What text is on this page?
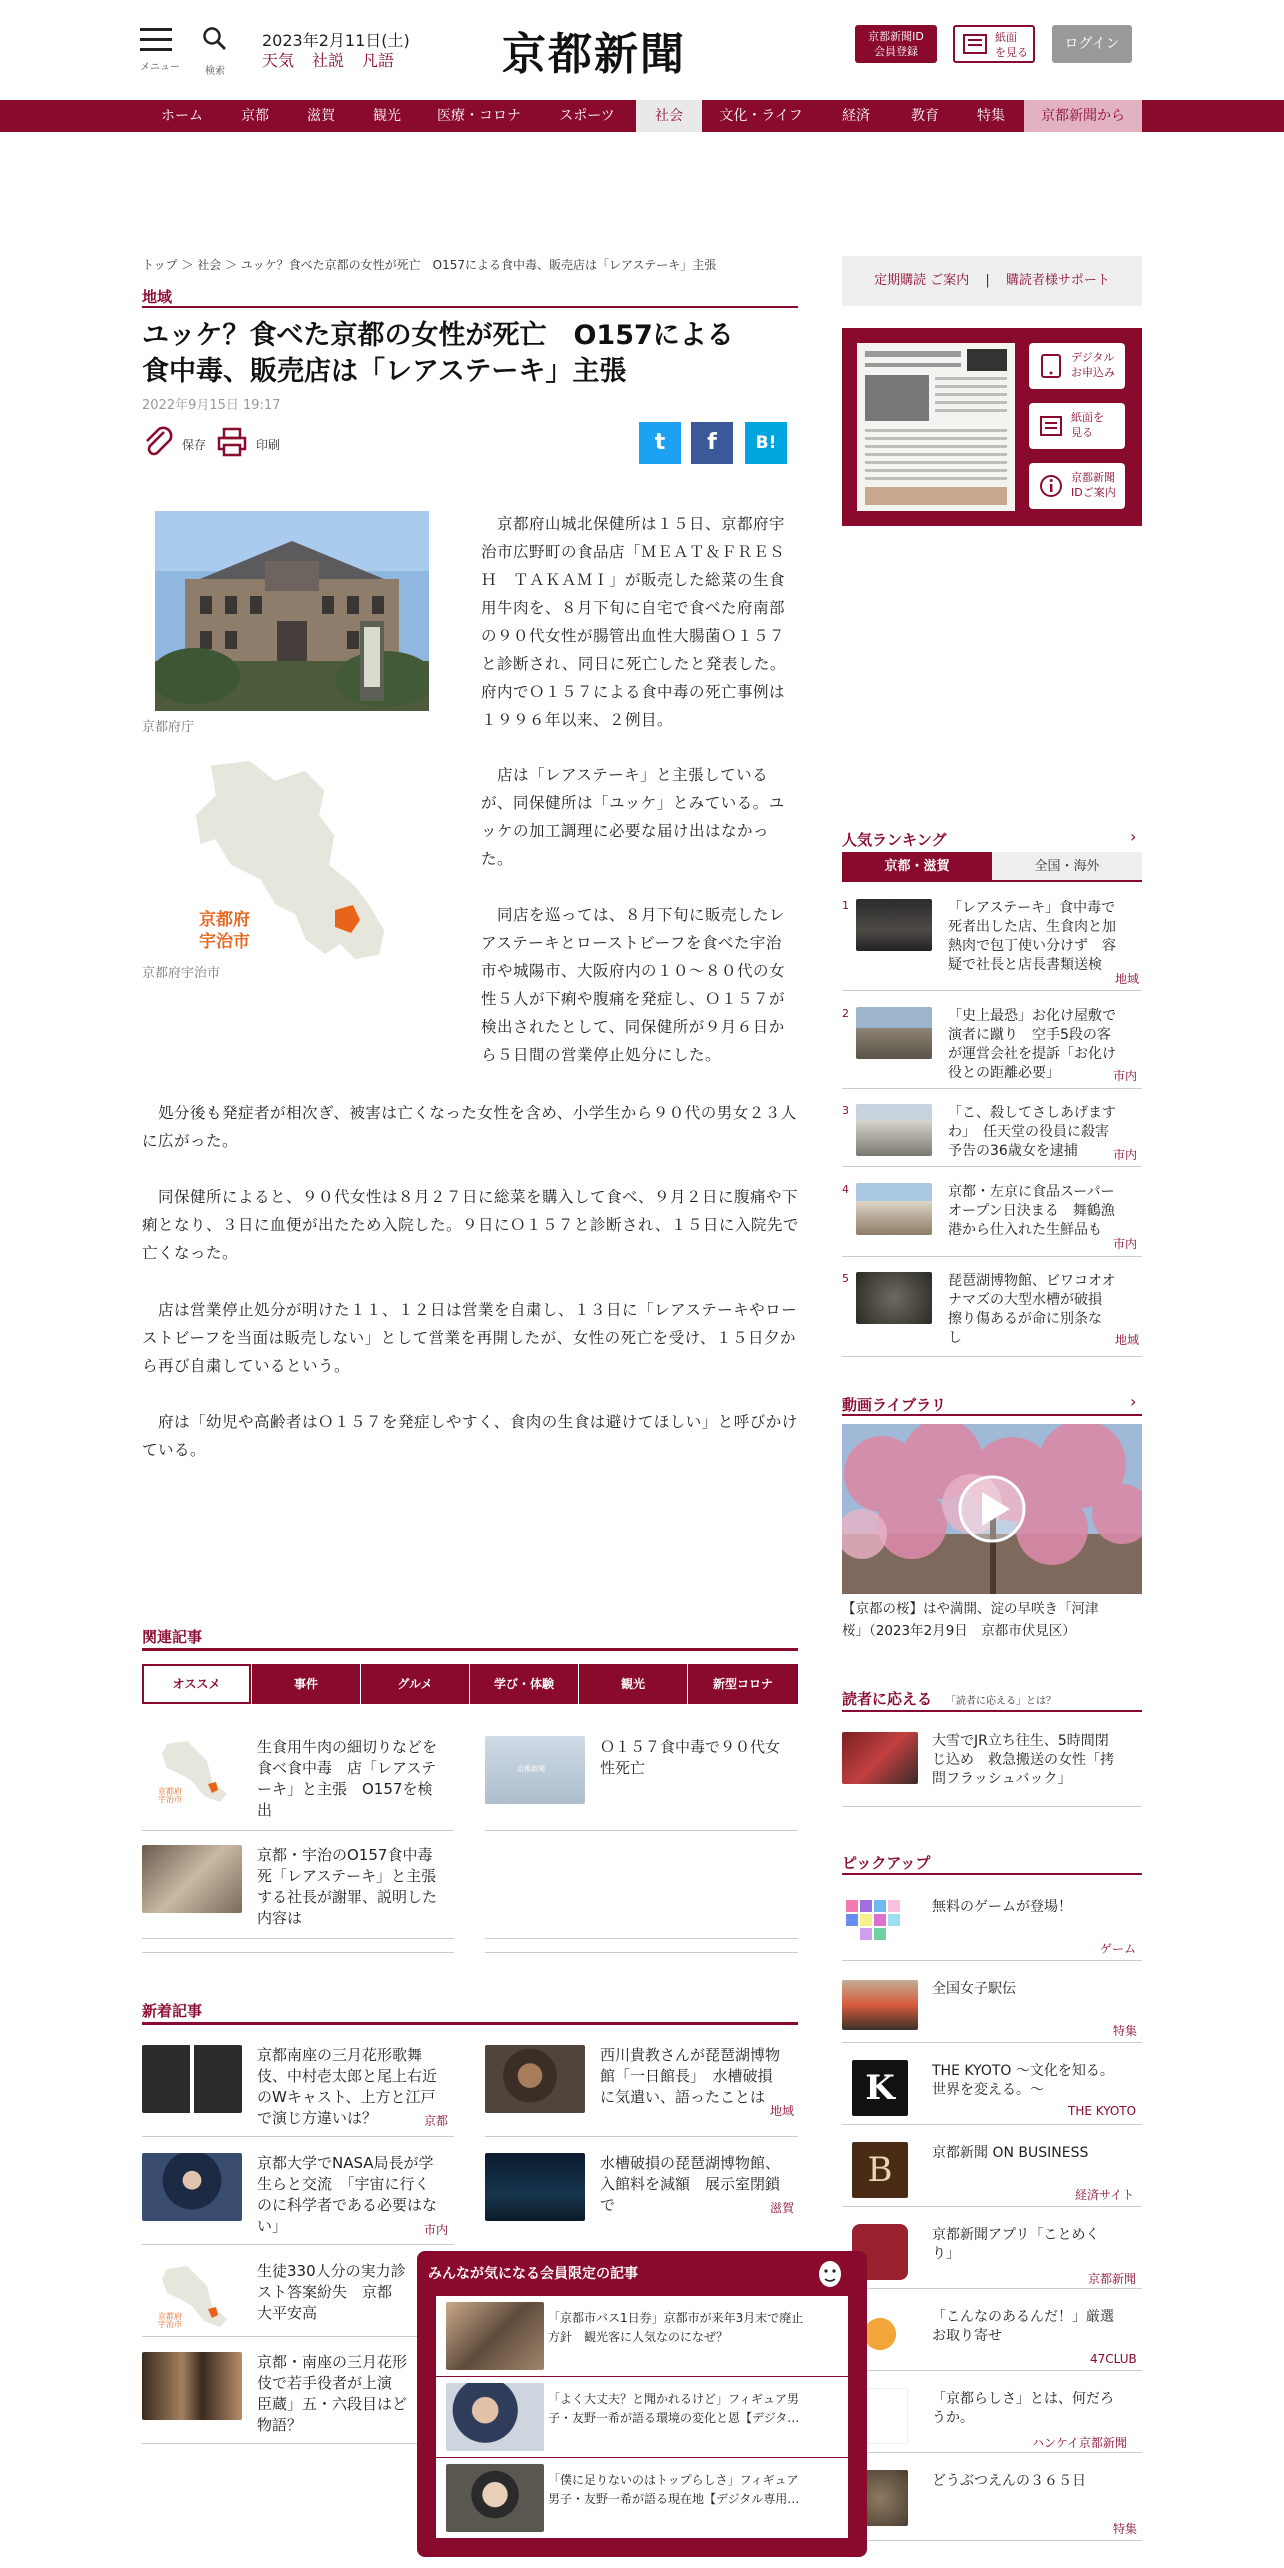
メニュー	検索
2023年2月11日(土)
天気 社説 凡語	京都新聞	京都新聞ID
会員登録
紙面
を見る
ログイン
ホーム	京都	滋賀	観光	医療・コロナ	スポーツ	社会	文化・ライフ	経済	教育	特集	京都新聞から
トップ ＞ 社会 ＞ ユッケ？食べた京都の女性が死亡　O157による食中毒、販売店は「レアステーキ」主張
地域
ユッケ？食べた京都の女性が死亡　O157による
食中毒、販売店は「レアステーキ」主張
2022年9月15日 19:17
保存	印刷	t	f	B!
京都府庁
京都府
宇治市
京都府宇治市
　京都府山城北保健所は１５日、京都府宇
治市広野町の食品店「ＭＥＡＴ＆ＦＲＥＳ
Ｈ　ＴＡＫＡＭＩ」が販売した総菜の生食
用牛肉を、８月下旬に自宅で食べた府南部
の９０代女性が腸管出血性大腸菌Ｏ１５７
と診断され、同日に死亡したと発表した。
府内でＯ１５７による食中毒の死亡事例は
１９９６年以来、２例目。
　店は「レアステーキ」と主張している
が、同保健所は「ユッケ」とみている。ユ
ッケの加工調理に必要な届け出はなかっ
た。
　同店を巡っては、８月下旬に販売したレ
アステーキとローストビーフを食べた宇治
市や城陽市、大阪府内の１０～８０代の女
性５人が下痢や腹痛を発症し、Ｏ１５７が
検出されたとして、同保健所が９月６日か
ら５日間の営業停止処分にした。
　処分後も発症者が相次ぎ、被害は亡くなった女性を含め、小学生から９０代の男女２３人
に広がった。
　同保健所によると、９０代女性は８月２７日に総菜を購入して食べ、９月２日に腹痛や下
痢となり、３日に血便が出たため入院した。９日にＯ１５７と診断され、１５日に入院先で
亡くなった。
　店は営業停止処分が明けた１１、１２日は営業を自粛し、１３日に「レアステーキやロー
ストビーフを当面は販売しない」として営業を再開したが、女性の死亡を受け、１５日夕か
ら再び自粛しているという。
　府は「幼児や高齢者はＯ１５７を発症しやすく、食肉の生食は避けてほしい」と呼びかけ
ている。
関連記事
オススメ	事件	グルメ	学び・体験	観光	新型コロナ
京都府
宇治市
生食用牛肉の細切りなどを
食べ食中毒　店「レアステ
ーキ」と主張　O157を検
出
京都新聞
Ｏ１５７食中毒で９０代女
性死亡
京都・宇治のO157食中毒
死「レアステーキ」と主張
する社長が謝罪、説明した
内容は
新着記事
京都南座の三月花形歌舞
伎、中村壱太郎と尾上右近
のWキャスト、上方と江戸
で演じ方違いは？	京都
西川貴教さんが琵琶湖博物
館「一日館長」　水槽破損
に気遣い、語ったことは
地域
京都大学でNASA局長が学
生らと交流　「宇宙に行く
のに科学者である必要はな
い」	市内
水槽破損の琵琶湖博物館、
入館料を減額　展示室閉鎖
で	滋賀
京都府
宇治市
生徒330人分の実力診
スト答案紛失　京都
大平安高
京都・南座の三月花形
伎で若手役者が上演
臣蔵」五・六段目はど
物語？
定期購読 ご案内 | 購読者様サポート
デジタル
お申込み
紙面を
見る
京都新聞
IDご案内
人気ランキング	›
京都・滋賀	全国・海外
1	「レアステーキ」食中毒で
死者出した店、生食肉と加
熱肉で包丁使い分けず　容
疑で社長と店長書類送検
地域
2	「史上最恐」お化け屋敷で
演者に蹴り　空手5段の客
が運営会社を提訴「お化け
役との距離必要」	市内
3	「こ、殺してさしあげます
わ」　任天堂の役員に殺害
予告の36歳女を逮捕	市内
4	京都・左京に食品スーパー
オープン日決まる　舞鶴漁
港から仕入れた生鮮品も
市内
5	琵琶湖博物館、ビワコオオ
ナマズの大型水槽が破損
擦り傷あるが命に別条な
し	地域
動画ライブラリ	›
【京都の桜】はや満開、淀の早咲き「河津
桜」（2023年2月9日　京都市伏見区）
読者に応える 「読者に応える」とは？
大雪でJR立ち往生、5時間閉
じ込め　救急搬送の女性「拷
問フラッシュバック」
ピックアップ
無料のゲームが登場！
ゲーム
全国女子駅伝
特集
K	THE KYOTO ～文化を知る。
世界を変える。～
THE KYOTO
B	京都新聞 ON BUSINESS
経済サイト
京都新聞アプリ「ことめく
り」
京都新聞
「こんなのあるんだ！」厳選
お取り寄せ
47CLUB
「京都らしさ」とは、何だろ
うか。
ハンケイ京都新聞
どうぶつえんの３６５日
特集
みんなが気になる会員限定の記事
「京都市バス1日券」京都市が来年3月末で廃止
方針　観光客に人気なのになぜ？
「よく大丈夫？と聞かれるけど」フィギュア男
子・友野一希が語る環境の変化と恩【デジタ…
「僕に足りないのはトップらしさ」フィギュア
男子・友野一希が語る現在地【デジタル専用…
